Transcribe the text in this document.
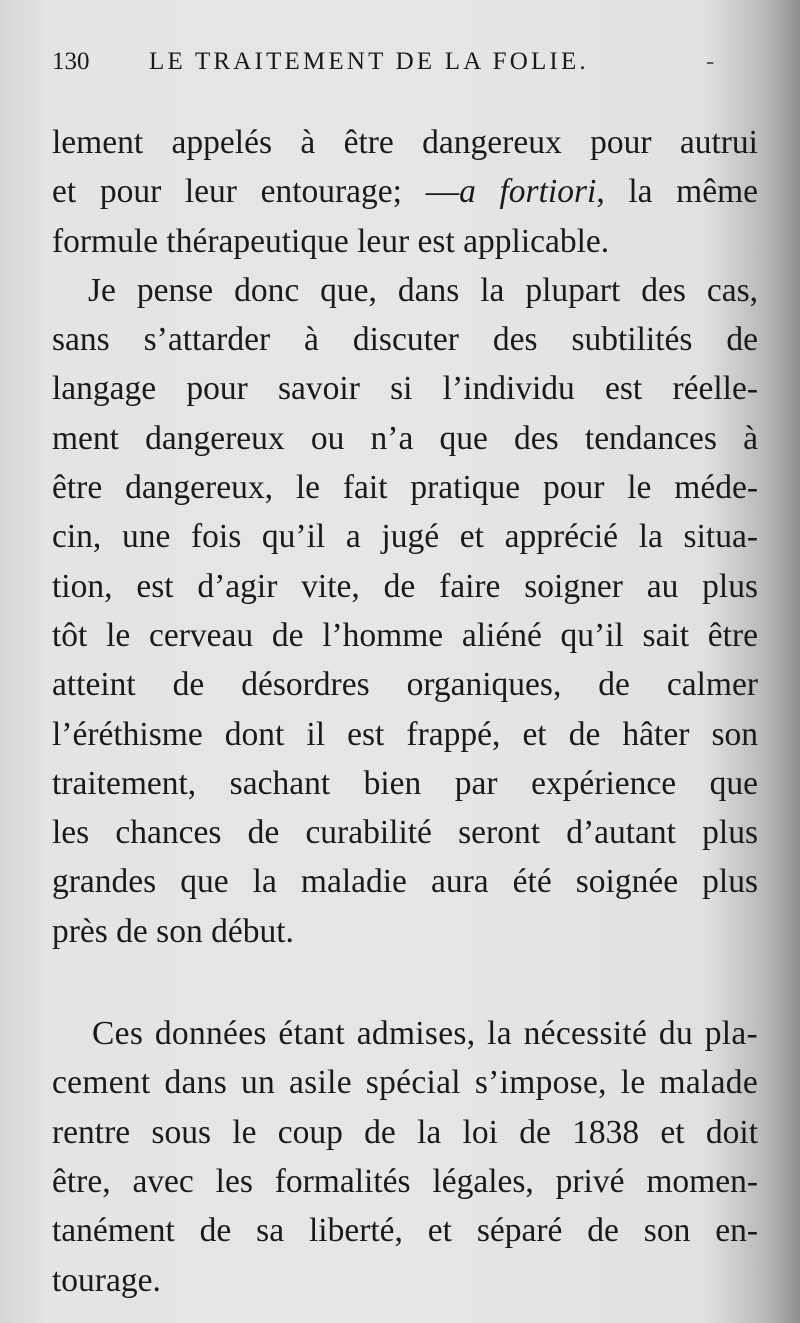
130 LE TRAITEMENT DE LA FOLIE.	-
lement appelés à être dangereux pour autrui
et pour leur entourage; —a fortiori, la même
formule thérapeutique leur est applicable.
Je pense donc que, dans la plupart des cas,
sans s’attarder à discuter des subtilités de
langage pour savoir si l’individu est réelle-
ment dangereux ou n’a que des tendances à
être dangereux, le fait pratique pour le méde-
cin, une fois qu’il a jugé et apprécié la situa-
tion, est d’agir vite, de faire soigner au plus
tôt le cerveau de l’homme aliéné qu’il sait être
atteint de désordres organiques, de calmer
l’éréthisme dont il est frappé, et de hâter son
traitement, sachant bien par expérience que
les chances de curabilité seront d’autant plus
grandes que la maladie aura été soignée plus
près de son début.
Ces données étant admises, la nécessité du pla-
cement dans un asile spécial s’impose, le malade
rentre sous le coup de la loi de 1838 et doit
être, avec les formalités légales, privé momen-
tanément de sa liberté, et séparé de son en-
tourage.
